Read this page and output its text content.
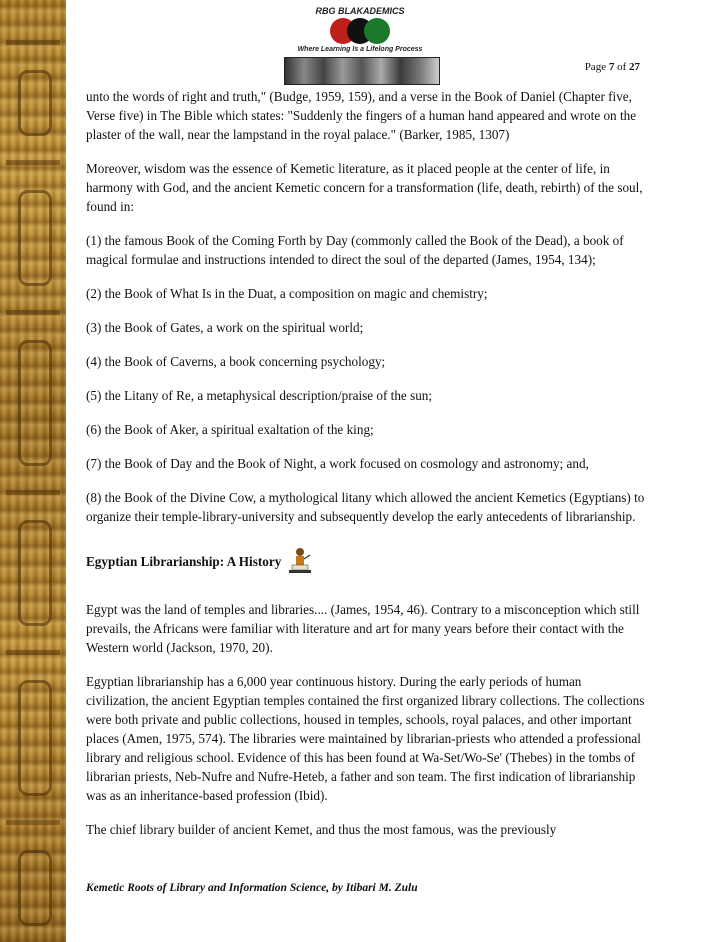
RBG BLAKADEMICS
Where Learning Is a Lifelong Process
Page 7 of 27

unto the words of right and truth," (Budge, 1959, 159), and a verse in the Book of Daniel (Chapter five, Verse five) in The Bible which states: "Suddenly the fingers of a human hand appeared and wrote on the plaster of the wall, near the lampstand in the royal palace." (Barker, 1985, 1307)

Moreover, wisdom was the essence of Kemetic literature, as it placed people at the center of life, in harmony with God, and the ancient Kemetic concern for a transformation (life, death, rebirth) of the soul, found in:

(1) the famous Book of the Coming Forth by Day (commonly called the Book of the Dead), a book of magical formulae and instructions intended to direct the soul of the departed (James, 1954, 134);

(2) the Book of What Is in the Duat, a composition on magic and chemistry;

(3) the Book of Gates, a work on the spiritual world;

(4) the Book of Caverns, a book concerning psychology;

(5) the Litany of Re, a metaphysical description/praise of the sun;

(6) the Book of Aker, a spiritual exaltation of the king;

(7) the Book of Day and the Book of Night, a work focused on cosmology and astronomy; and,

(8) the Book of the Divine Cow, a mythological litany which allowed the ancient Kemetics (Egyptians) to organize their temple-library-university and subsequently develop the early antecedents of librarianship.

Egyptian Librarianship: A History

Egypt was the land of temples and libraries.... (James, 1954, 46). Contrary to a misconception which still prevails, the Africans were familiar with literature and art for many years before their contact with the Western world (Jackson, 1970, 20).

Egyptian librarianship has a 6,000 year continuous history. During the early periods of human civilization, the ancient Egyptian temples contained the first organized library collections. The collections were both private and public collections, housed in temples, schools, royal palaces, and other important places (Amen, 1975, 574). The libraries were maintained by librarian-priests who attended a professional library and religious school. Evidence of this has been found at Wa-Set/Wo-Se' (Thebes) in the tombs of librarian priests, Neb-Nufre and Nufre-Heteb, a father and son team. The first indication of librarianship was as an inheritance-based profession (Ibid).

The chief library builder of ancient Kemet, and thus the most famous, was the previously

Kemetic Roots of Library and Information Science, by Itibari M. Zulu
